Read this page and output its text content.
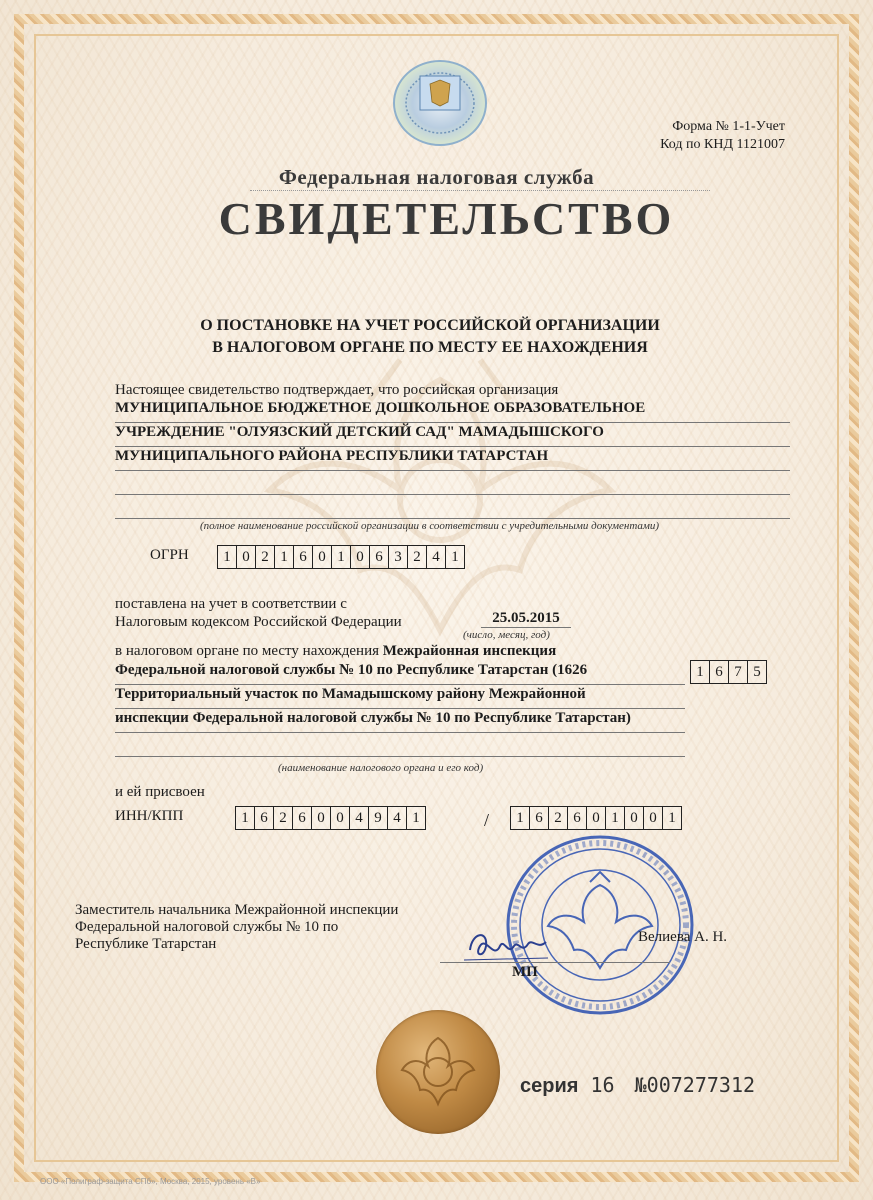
Форма № 1-1-Учет
Код по КНД 1121007
Федеральная налоговая служба
СВИДЕТЕЛЬСТВО
О ПОСТАНОВКЕ НА УЧЕТ РОССИЙСКОЙ ОРГАНИЗАЦИИ
В НАЛОГОВОМ ОРГАНЕ ПО МЕСТУ ЕЕ НАХОЖДЕНИЯ
Настоящее свидетельство подтверждает, что российская организация
МУНИЦИПАЛЬНОЕ БЮДЖЕТНОЕ ДОШКОЛЬНОЕ ОБРАЗОВАТЕЛЬНОЕ
УЧРЕЖДЕНИЕ "ОЛУЯЗСКИЙ ДЕТСКИЙ САД" МАМАДЫШСКОГО
МУНИЦИПАЛЬНОГО РАЙОНА РЕСПУБЛИКИ ТАТАРСТАН
(полное наименование российской организации в соответствии с учредительными документами)
ОГРН	1 0 2 1 6 0 1 0 6 3 2 4 1
поставлена на учет в соответствии с
Налоговым кодексом Российской Федерации	25.05.2015
(число, месяц, год)
в налоговом органе по месту нахождения Межрайонная инспекция
Федеральной налоговой службы № 10 по Республике Татарстан (1626	1 6 7 5
Территориальный участок по Мамадышскому району Межрайонной
инспекции Федеральной налоговой службы № 10 по Республике Татарстан)
(наименование налогового органа и его код)
и ей присвоен
ИНН/КПП	1 6 2 6 0 0 4 9 4 1	/	1 6 2 6 0 1 0 0 1
Заместитель начальника Межрайонной инспекции
Федеральной налоговой службы № 10 по
Республике Татарстан	Велиева А. Н.
МП
серия 16 №007277312
ООО «Полиграф-защита СПб», Москва, 2015, уровень «В»
